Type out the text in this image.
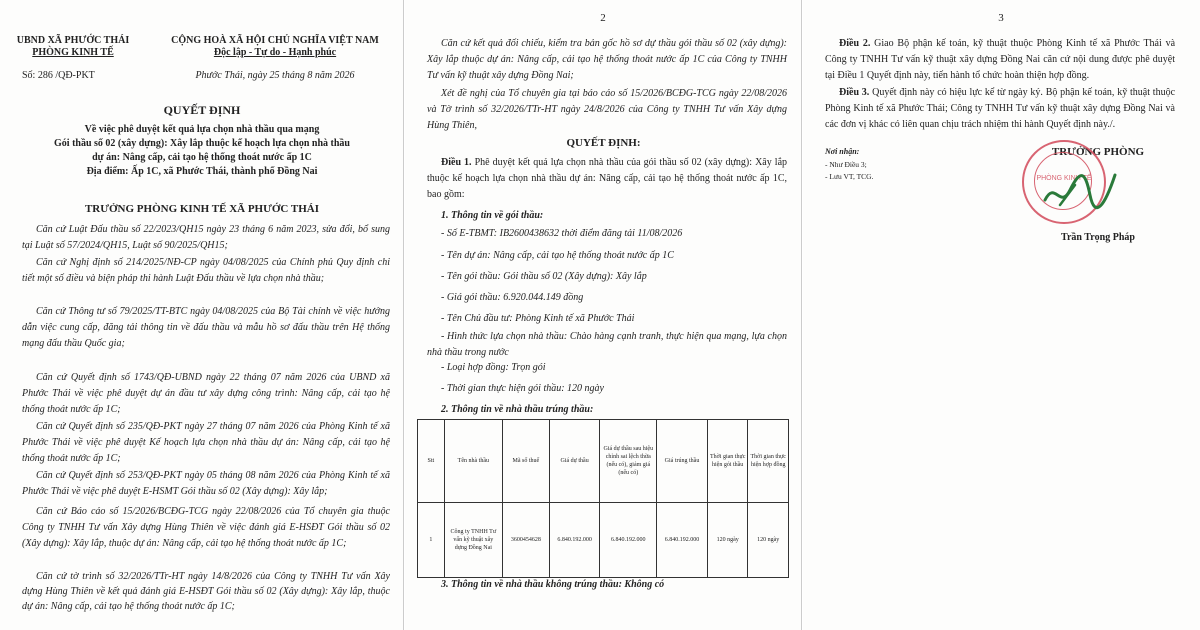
UBND XÃ PHƯỚC THÁI
PHÒNG KINH TẾ
Số: 286 /QĐ-PKT
CỘNG HOÀ XÃ HỘI CHỦ NGHĨA VIỆT NAM
Độc lập - Tự do - Hạnh phúc
Phước Thái, ngày 25 tháng 8 năm 2026
QUYẾT ĐỊNH
Về việc phê duyệt kết quả lựa chọn nhà thầu qua mạng
Gói thầu số 02 (xây dựng): Xây lắp thuộc kế hoạch lựa chọn nhà thầu
dự án: Nâng cấp, cải tạo hệ thống thoát nước ấp 1C
Địa điểm: Ấp 1C, xã Phước Thái, thành phố Đồng Nai
TRƯỞNG PHÒNG KINH TẾ XÃ PHƯỚC THÁI
Căn cứ Luật Đấu thầu số 22/2023/QH15 ngày 23 tháng 6 năm 2023, sửa đổi, bổ sung tại Luật số 57/2024/QH15, Luật số 90/2025/QH15;
Căn cứ Nghị định số 214/2025/NĐ-CP ngày 04/08/2025 của Chính phủ Quy định chi tiết một số điều và biện pháp thi hành Luật Đấu thầu về lựa chọn nhà thầu;
Căn cứ Thông tư số 79/2025/TT-BTC ngày 04/08/2025 của Bộ Tài chính về việc hướng dẫn việc cung cấp, đăng tải thông tin về đấu thầu và mẫu hồ sơ đấu thầu trên Hệ thống mạng đấu thầu Quốc gia;
Căn cứ Quyết định số 1743/QĐ-UBND ngày 22 tháng 07 năm 2026 của UBND xã Phước Thái về việc phê duyệt dự án đầu tư xây dựng công trình: Nâng cấp, cải tạo hệ thống thoát nước ấp 1C;
Căn cứ Quyết định số 235/QĐ-PKT ngày 27 tháng 07 năm 2026 của Phòng Kinh tế xã Phước Thái về việc phê duyệt Kế hoạch lựa chọn nhà thầu dự án: Nâng cấp, cải tạo hệ thống thoát nước ấp 1C;
Căn cứ Quyết định số 253/QĐ-PKT ngày 05 tháng 08 năm 2026 của Phòng Kinh tế xã Phước Thái về việc phê duyệt E-HSMT Gói thầu số 02 (Xây dựng): Xây lắp;
Căn cứ Báo cáo số 15/2026/BCĐG-TCG ngày 22/08/2026 của Tổ chuyên gia thuộc Công ty TNHH Tư vấn Xây dựng Hùng Thiên về việc đánh giá E-HSĐT Gói thầu số 02 (Xây dựng): Xây lắp, thuộc dự án: Nâng cấp, cải tạo hệ thống thoát nước ấp 1C;
Căn cứ tờ trình số 32/2026/TTr-HT ngày 14/8/2026 của Công ty TNHH Tư vấn Xây dựng Hùng Thiên về kết quả đánh giá E-HSĐT Gói thầu số 02 (Xây dựng): Xây lắp, thuộc dự án: Nâng cấp, cải tạo hệ thống thoát nước ấp 1C;
2
Căn cứ kết quả đối chiếu, kiểm tra bản gốc hồ sơ dự thầu gói thầu số 02 (xây dựng): Xây lắp thuộc dự án: Nâng cấp, cải tạo hệ thống thoát nước ấp 1C của Công ty TNHH Tư vấn kỹ thuật xây dựng Đồng Nai;
Xét đề nghị của Tổ chuyên gia tại báo cáo số 15/2026/BCĐG-TCG ngày 22/08/2026 và Tờ trình số 32/2026/TTr-HT ngày 24/8/2026 của Công ty TNHH Tư vấn Xây dựng Hùng Thiên,
QUYẾT ĐỊNH:
Điều 1. Phê duyệt kết quả lựa chọn nhà thầu của gói thầu số 02 (xây dựng): Xây lắp thuộc kế hoạch lựa chọn nhà thầu dự án: Nâng cấp, cải tạo hệ thống thoát nước ấp 1C, bao gồm:
1. Thông tin về gói thầu:
- Số E-TBMT: IB2600438632 thời điểm đăng tải 11/08/2026
- Tên dự án: Nâng cấp, cải tạo hệ thống thoát nước ấp 1C
- Tên gói thầu: Gói thầu số 02 (Xây dựng): Xây lắp
- Giá gói thầu: 6.920.044.149 đồng
- Tên Chủ đầu tư: Phòng Kinh tế xã Phước Thái
- Hình thức lựa chọn nhà thầu: Chào hàng cạnh tranh, thực hiện qua mạng, lựa chọn nhà thầu trong nước
- Loại hợp đồng: Trọn gói
- Thời gian thực hiện gói thầu: 120 ngày
2. Thông tin về nhà thầu trúng thầu:
Stt	Tên nhà thầu	Mã số thuế	Giá dự thầu	Giá dự thầu sau hiệu chỉnh sai lệch thừa (nếu có), giảm giá (nếu có)	Giá trúng thầu	Thời gian thực hiện gói thầu	Thời gian thực hiện hợp đồng
1	Công ty TNHH Tư vấn kỹ thuật xây dựng Đồng Nai	3600454628	6.840.192.000	6.840.192.000	6.840.192.000	120 ngày	120 ngày
3. Thông tin về nhà thầu không trúng thầu: Không có
3
Điều 2. Giao Bộ phận kế toán, kỹ thuật thuộc Phòng Kinh tế xã Phước Thái và Công ty TNHH Tư vấn kỹ thuật xây dựng Đồng Nai căn cứ nội dung được phê duyệt tại Điều 1 Quyết định này, tiến hành tổ chức hoàn thiện hợp đồng.
Điều 3. Quyết định này có hiệu lực kể từ ngày ký. Bộ phận kế toán, kỹ thuật thuộc Phòng Kinh tế xã Phước Thái; Công ty TNHH Tư vấn kỹ thuật xây dựng Đồng Nai và các đơn vị khác có liên quan chịu trách nhiệm thi hành Quyết định này./.
Nơi nhận:
- Như Điều 3;
- Lưu VT, TCG.
TRƯỞNG PHÒNG
Trần Trọng Pháp
PHÒNG KINH TẾ
